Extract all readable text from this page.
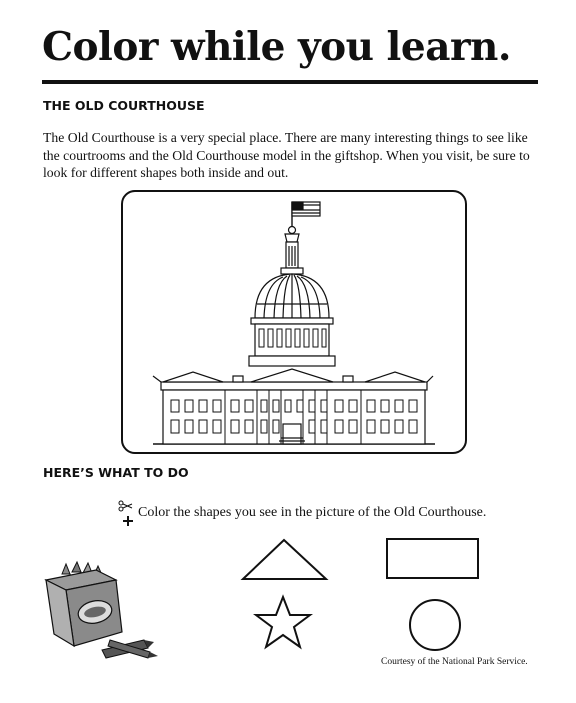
Color while you learn.
THE OLD COURTHOUSE

The Old Courthouse is a very special place. There are many interesting things to see like the courtrooms and the Old Courthouse model in the giftshop. When you visit, be sure to look for different shapes both inside and out.

HERE’S WHAT TO DO
Color the shapes you see in the picture of the Old Courthouse.
Courtesy of the National Park Service.
